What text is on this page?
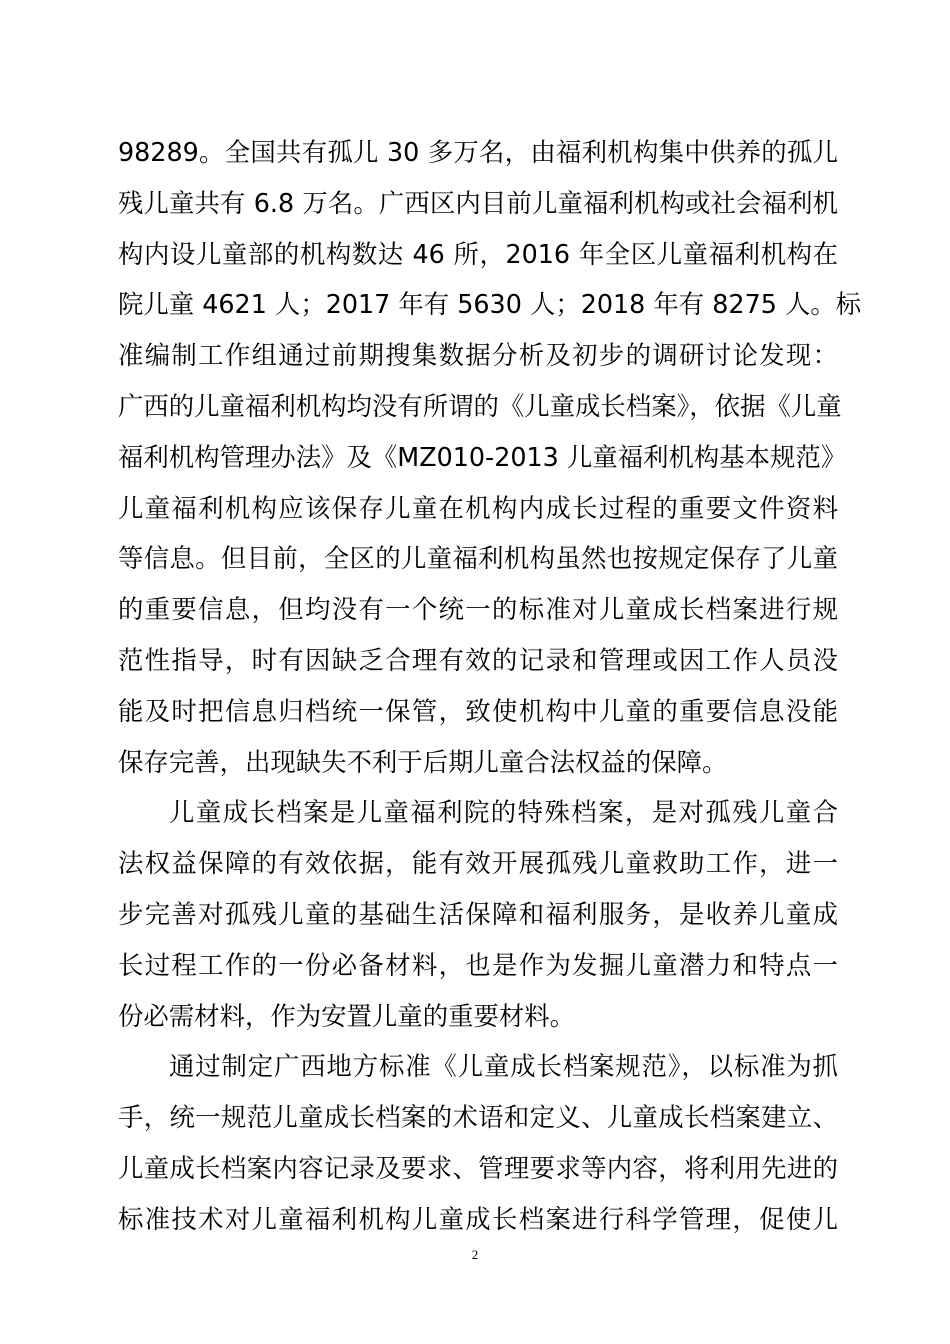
98289。全国共有孤儿 30 多万名，由福利机构集中供养的孤儿
残儿童共有 6.8 万名。广西区内目前儿童福利机构或社会福利机
构内设儿童部的机构数达 46 所，2016 年全区儿童福利机构在
院儿童 4621 人；2017 年有 5630 人；2018 年有 8275 人。标
准编制工作组通过前期搜集数据分析及初步的调研讨论发现：
广西的儿童福利机构均没有所谓的《儿童成长档案》，依据《儿童
福利机构管理办法》及《MZ010-2013 儿童福利机构基本规范》
儿童福利机构应该保存儿童在机构内成长过程的重要文件资料
等信息。但目前，全区的儿童福利机构虽然也按规定保存了儿童
的重要信息，但均没有一个统一的标准对儿童成长档案进行规
范性指导，时有因缺乏合理有效的记录和管理或因工作人员没
能及时把信息归档统一保管，致使机构中儿童的重要信息没能
保存完善，出现缺失不利于后期儿童合法权益的保障。
儿童成长档案是儿童福利院的特殊档案，是对孤残儿童合
法权益保障的有效依据，能有效开展孤残儿童救助工作，进一
步完善对孤残儿童的基础生活保障和福利服务，是收养儿童成
长过程工作的一份必备材料，也是作为发掘儿童潜力和特点一
份必需材料，作为安置儿童的重要材料。
通过制定广西地方标准《儿童成长档案规范》，以标准为抓
手，统一规范儿童成长档案的术语和定义、儿童成长档案建立、
儿童成长档案内容记录及要求、管理要求等内容，将利用先进的
标准技术对儿童福利机构儿童成长档案进行科学管理，促使儿
2
